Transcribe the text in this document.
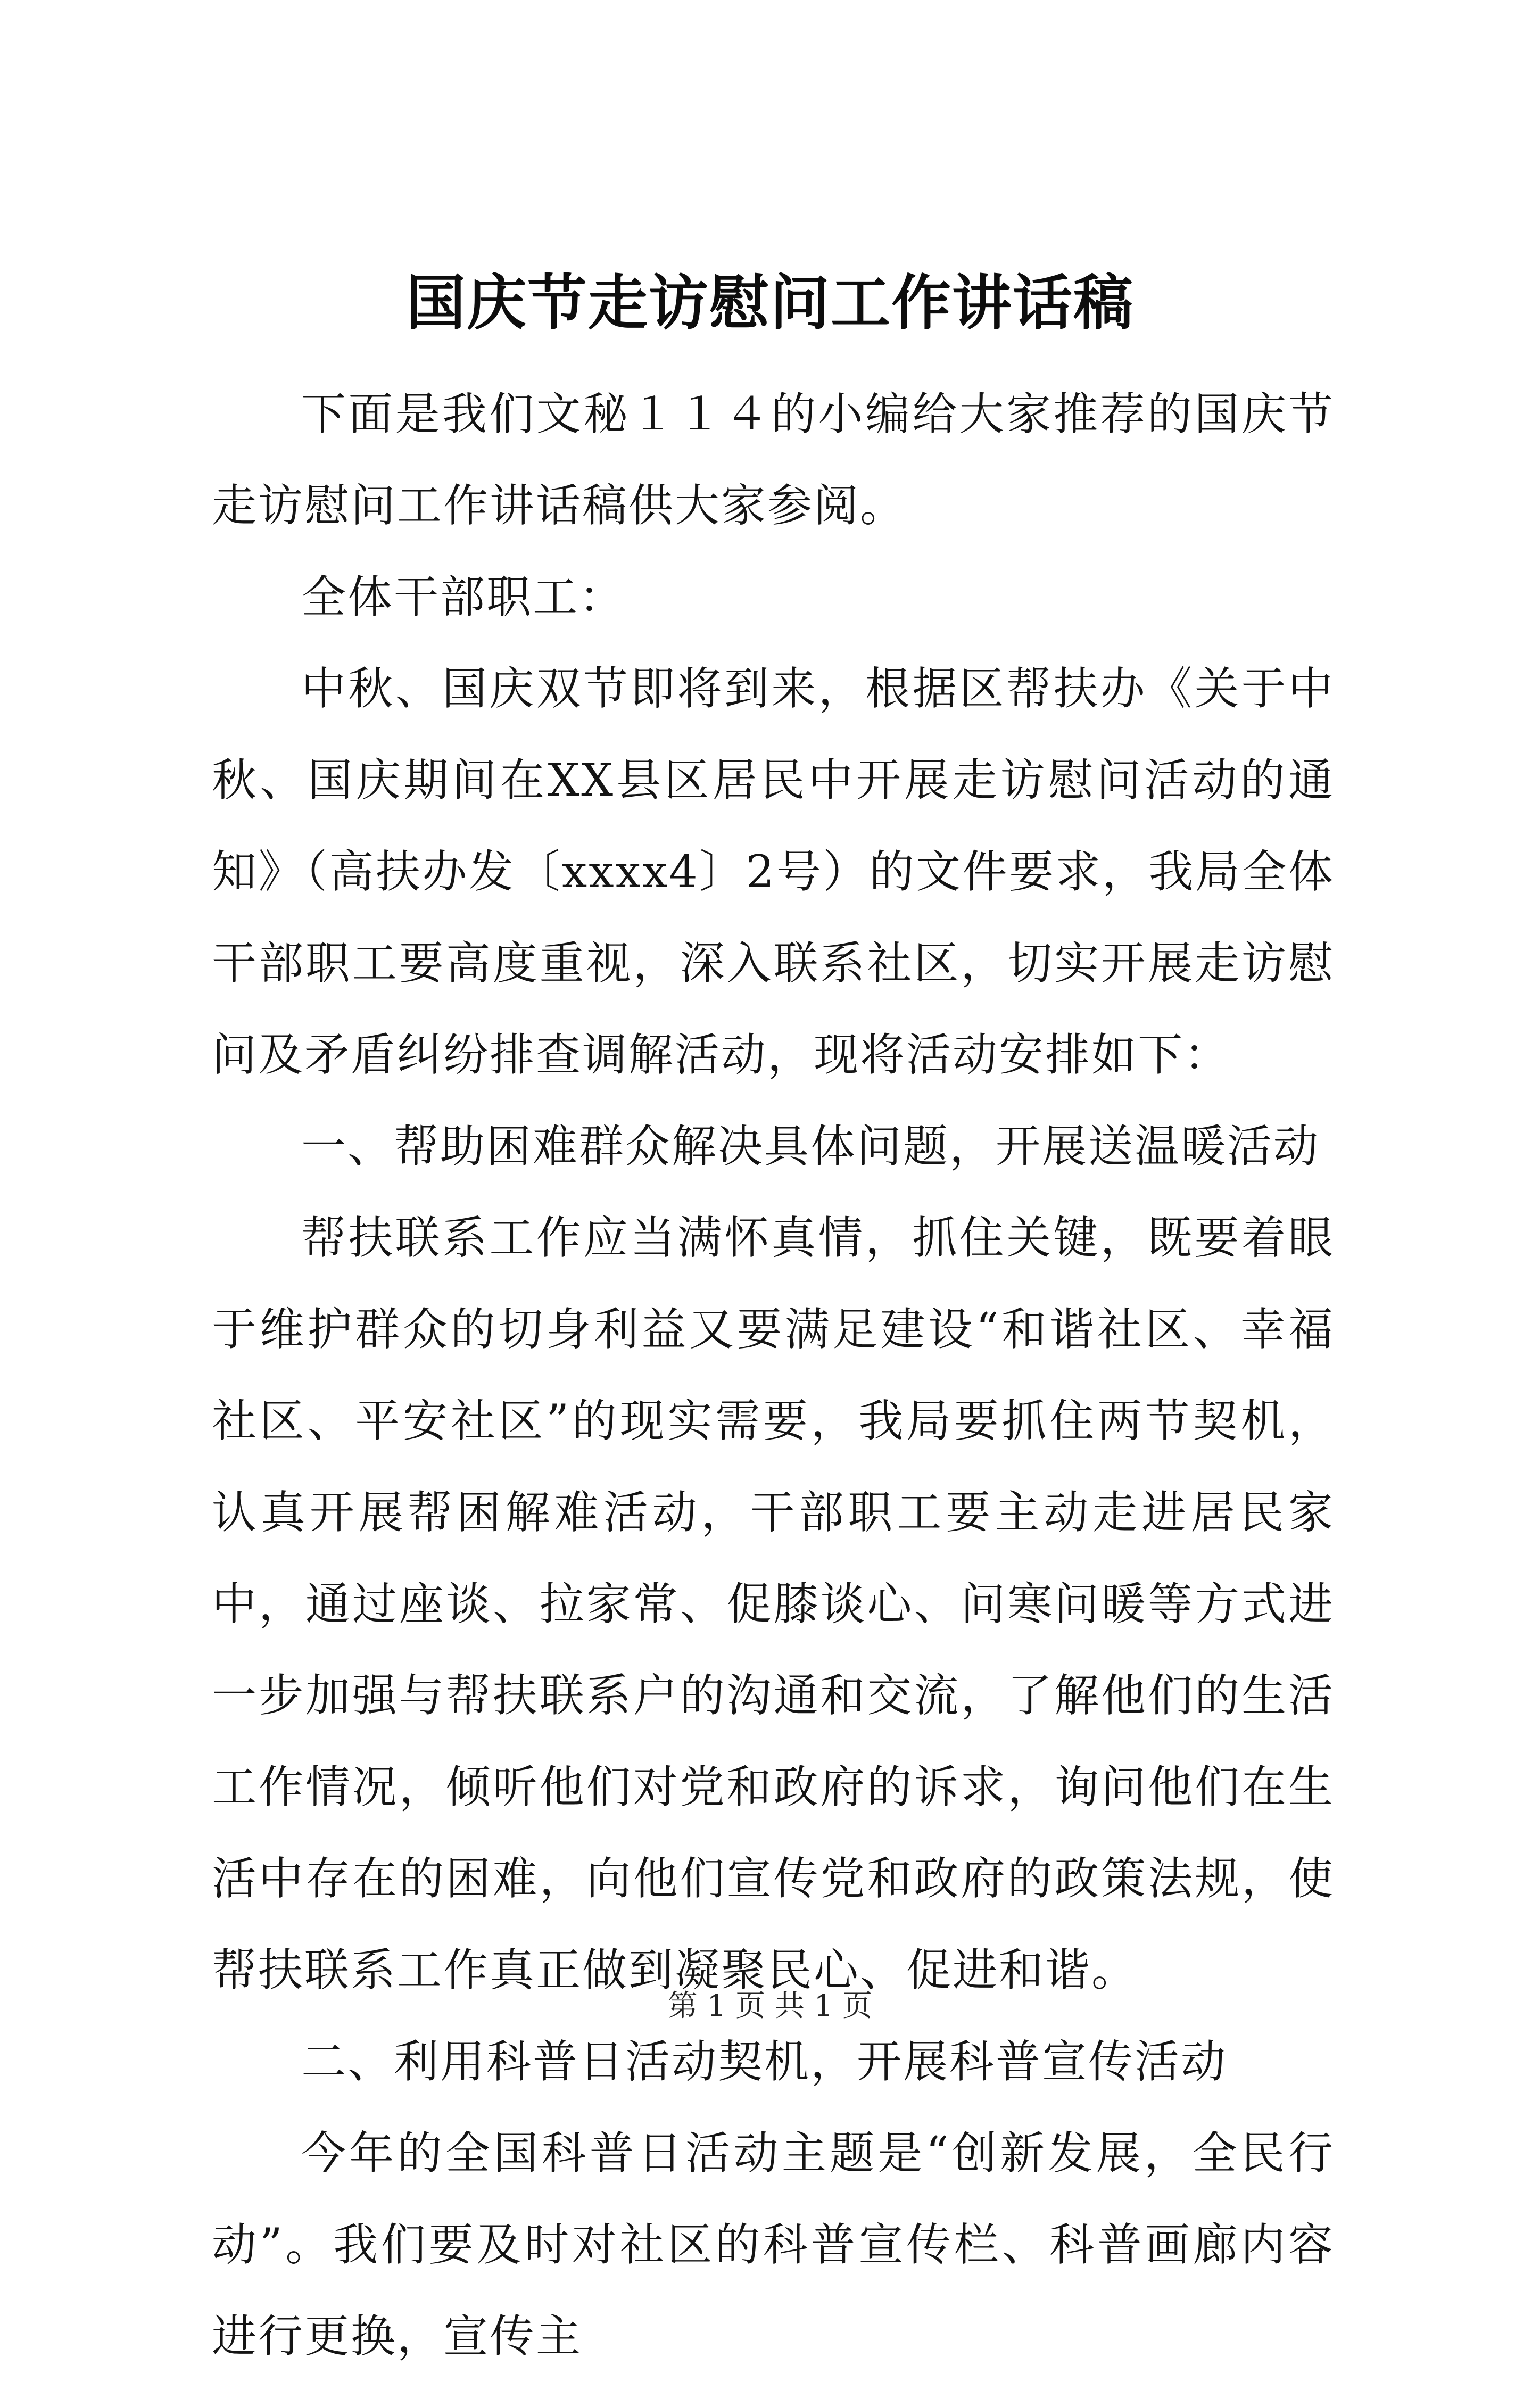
国庆节走访慰问工作讲话稿

下面是我们文秘１１４的小编给大家推荐的国庆节走访慰问工作讲话稿供大家参阅。

全体干部职工：

中秋、国庆双节即将到来，根据区帮扶办《关于中秋、国庆期间在XX县区居民中开展走访慰问活动的通知》（高扶办发〔xxxx4〕2号）的文件要求，我局全体干部职工要高度重视，深入联系社区，切实开展走访慰问及矛盾纠纷排查调解活动，现将活动安排如下：

一、帮助困难群众解决具体问题，开展送温暖活动

帮扶联系工作应当满怀真情，抓住关键，既要着眼于维护群众的切身利益又要满足建设“和谐社区、幸福社区、平安社区”的现实需要，我局要抓住两节契机，认真开展帮困解难活动，干部职工要主动走进居民家中，通过座谈、拉家常、促膝谈心、问寒问暖等方式进一步加强与帮扶联系户的沟通和交流，了解他们的生活工作情况，倾听他们对党和政府的诉求，询问他们在生活中存在的困难，向他们宣传党和政府的政策法规，使帮扶联系工作真正做到凝聚民心、促进和谐。

二、利用科普日活动契机，开展科普宣传活动

今年的全国科普日活动主题是“创新发展，全民行动”。我们要及时对社区的科普宣传栏、科普画廊内容进行更换，宣传主

第 1 页 共 1 页
